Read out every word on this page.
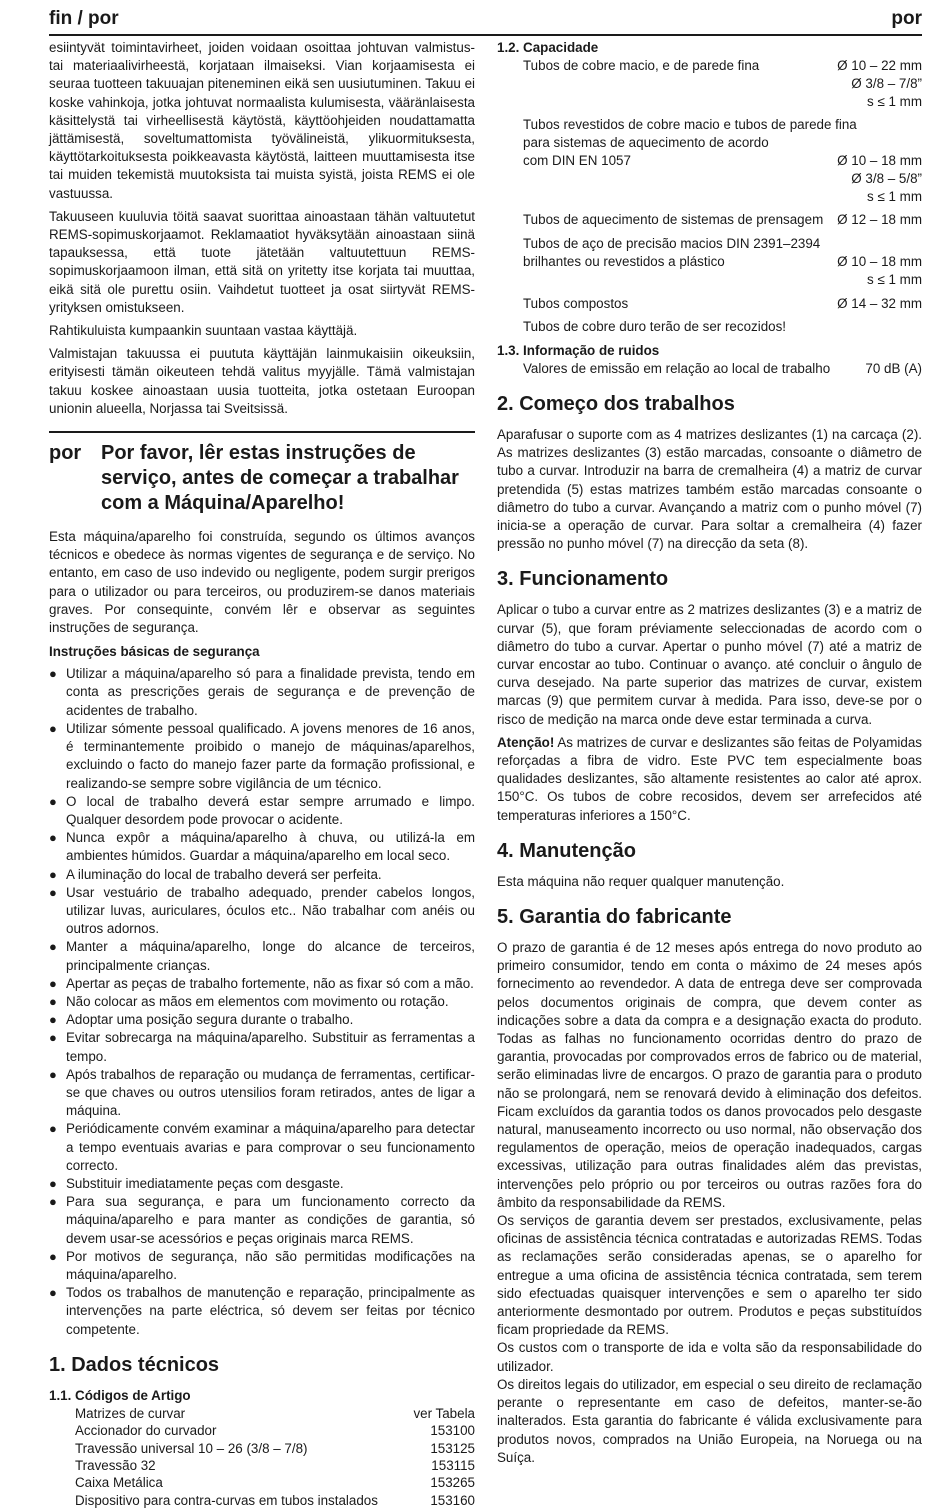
fin / por	por

esiintyvät toimintavirheet, joiden voidaan osoittaa johtuvan valmistus- tai materiaalivirheestä, korjataan ilmaiseksi. Vian korjaamisesta ei seuraa tuotteen takuuajan piteneminen eikä sen uusiutuminen. Takuu ei koske vahinkoja, jotka johtuvat normaalista kulumisesta, vääränlaisesta käsittelystä tai virheellisestä käytöstä, käyttöohjeiden noudattamatta jättämisestä, soveltumattomista työvälineistä, ylikuormituksesta, käyttötarkoituksesta poikkeavasta käytöstä, laitteen muuttamisesta itse tai muiden tekemistä muutoksista tai muista syistä, joista REMS ei ole vastuussa.

Takuuseen kuuluvia töitä saavat suorittaa ainoastaan tähän valtuutetut REMS-sopimuskorjaamot. Reklamaatiot hyväksytään ainoastaan siinä tapauksessa, että tuote jätetään valtuutettuun REMS-sopimuskorjaamoon ilman, että sitä on yritetty itse korjata tai muuttaa, eikä sitä ole purettu osiin. Vaihdetut tuotteet ja osat siirtyvät REMS-yrityksen omistukseen.

Rahtikuluista kumpaankin suuntaan vastaa käyttäjä.

Valmistajan takuussa ei puututa käyttäjän lainmukaisiin oikeuksiin, erityisesti tämän oikeuteen tehdä valitus myyjälle. Tämä valmistajan takuu koskee ainoastaan uusia tuotteita, jotka ostetaan Euroopan unionin alueella, Norjassa tai Sveitsissä.

por Por favor, lêr estas instruções de serviço, antes de começar a trabalhar com a Máquina/Aparelho!

Esta máquina/aparelho foi construída, segundo os últimos avanços técnicos e obedece às normas vigentes de segurança e de serviço. No entanto, em caso de uso indevido ou negligente, podem surgir prerigos para o utilizador ou para terceiros, ou produzirem-se danos materiais graves. Por consequinte, convém lêr e observar as seguintes instruções de segurança.

Instruções básicas de segurança
● Utilizar a máquina/aparelho só para a finalidade prevista, tendo em conta as prescrições gerais de segurança e de prevenção de acidentes de trabalho.
● Utilizar sómente pessoal qualificado. A jovens menores de 16 anos, é terminantemente proibido o manejo de máquinas/aparelhos, excluindo o facto do manejo fazer parte da formação profissional, e realizando-se sempre sobre vigilância de um técnico.
● O local de trabalho deverá estar sempre arrumado e limpo. Qualquer desordem pode provocar o acidente.
● Nunca expôr a máquina/aparelho à chuva, ou utilizá-la em ambientes húmidos. Guardar a máquina/aparelho em local seco.
● A iluminação do local de trabalho deverá ser perfeita.
● Usar vestuário de trabalho adequado, prender cabelos longos, utilizar luvas, auriculares, óculos etc.. Não trabalhar com anéis ou outros adornos.
● Manter a máquina/aparelho, longe do alcance de terceiros, principalmente crianças.
● Apertar as peças de trabalho fortemente, não as fixar só com a mão.
● Não colocar as mãos em elementos com movimento ou rotação.
● Adoptar uma posição segura durante o trabalho.
● Evitar sobrecarga na máquina/aparelho. Substituir as ferramentas a tempo.
● Após trabalhos de reparação ou mudança de ferramentas, certificar-se que chaves ou outros utensilios foram retirados, antes de ligar a máquina.
● Periódicamente convém examinar a máquina/aparelho para detectar a tempo eventuais avarias e para comprovar o seu funcionamento correcto.
● Substituir imediatamente peças com desgaste.
● Para sua segurança, e para um funcionamento correcto da máquina/aparelho e para manter as condições de garantia, só devem usar-se acessórios e peças originais marca REMS.
● Por motivos de segurança, não são permitidas modificações na máquina/aparelho.
● Todos os trabalhos de manutenção e reparação, principalmente as intervenções na parte eléctrica, só devem ser feitas por técnico competente.
1. Dados técnicos
1.1. Códigos de Artigo
Matrizes de curvar	ver Tabela
Accionador do curvador	153100
Travessão universal 10 – 26 (3/8 – 7/8)	153125
Travessão 32	153115
Caixa Metálica	153265
Dispositivo para contra-curvas em tubos instalados	153160
1.2. Capacidade
Tubos de cobre macio, e de parede fina	Ø 10 – 22 mm
Ø 3/8 – 7/8”
s ≤ 1 mm
Tubos revestidos de cobre macio e tubos de parede fina
para sistemas de aquecimento de acordo
com DIN EN 1057	Ø 10 – 18 mm
Ø 3/8 – 5/8”
s ≤ 1 mm
Tubos de aquecimento de sistemas de prensagem Ø 12 – 18 mm
Tubos de aço de precisão macios DIN 2391–2394
brilhantes ou revestidos a plástico	Ø 10 – 18 mm
s ≤ 1 mm
Tubos compostos	Ø 14 – 32 mm
Tubos de cobre duro terão de ser recozidos!
1.3. Informação de ruidos
Valores de emissão em relação ao local de trabalho	70 dB (A)
2. Começo dos trabalhos

Aparafusar o suporte com as 4 matrizes deslizantes (1) na carcaça (2). As matrizes deslizantes (3) estão marcadas, consoante o diâmetro de tubo a curvar. Introduzir na barra de cremalheira (4) a matriz de curvar pretendida (5) estas matrizes também estão marcadas consoante o diâmetro do tubo a curvar. Avançando a matriz com o punho móvel (7) inicia-se a operação de curvar. Para soltar a cremalheira (4) fazer pressão no punho móvel (7) na direcção da seta (8).

3. Funcionamento

Aplicar o tubo a curvar entre as 2 matrizes deslizantes (3) e a matriz de curvar (5), que foram préviamente seleccionadas de acordo com o diâmetro do tubo a curvar. Apertar o punho móvel (7) até a matriz de curvar encostar ao tubo. Continuar o avanço. até concluir o ângulo de curva desejado. Na parte superior das matrizes de curvar, existem marcas (9) que permitem curvar à medida. Para isso, deve-se por o risco de medição na marca onde deve estar terminada a curva.

Atenção! As matrizes de curvar e deslizantes são feitas de Polyamidas reforçadas a fibra de vidro. Este PVC tem especialmente boas qualidades deslizantes, são altamente resistentes ao calor até aprox. 150°C. Os tubos de cobre recosidos, devem ser arrefecidos até temperaturas inferiores a 150°C.

4. Manutenção

Esta máquina não requer qualquer manutenção.

5. Garantia do fabricante

O prazo de garantia é de 12 meses após entrega do novo produto ao primeiro consumidor, tendo em conta o máximo de 24 meses após fornecimento ao revendedor. A data de entrega deve ser comprovada pelos documentos originais de compra, que devem conter as indicações sobre a data da compra e a designação exacta do produto. Todas as falhas no funcionamento ocorridas dentro do prazo de garantia, provocadas por comprovados erros de fabrico ou de material, serão eliminadas livre de encargos. O prazo de garantia para o produto não se prolongará, nem se renovará devido à eliminação dos defeitos. Ficam excluídos da garantia todos os danos provocados pelo desgaste natural, manuseamento incorrecto ou uso normal, não observação dos regulamentos de operação, meios de operação inadequados, cargas excessivas, utilização para outras finalidades além das previstas, intervenções pelo próprio ou por terceiros ou outras razões fora do âmbito da responsabilidade da REMS.

Os serviços de garantia devem ser prestados, exclusivamente, pelas oficinas de assistência técnica contratadas e autorizadas REMS. Todas as reclamações serão consideradas apenas, se o aparelho for entregue a uma oficina de assistência técnica contratada, sem terem sido efectuadas quaisquer intervenções e sem o aparelho ter sido anteriormente desmontado por outrem. Produtos e peças substituídos ficam propriedade da REMS.

Os custos com o transporte de ida e volta são da responsabilidade do utilizador.

Os direitos legais do utilizador, em especial o seu direito de reclamação perante o representante em caso de defeitos, manter-se-ão inalterados. Esta garantia do fabricante é válida exclusivamente para produtos novos, comprados na União Europeia, na Noruega ou na Suíça.
